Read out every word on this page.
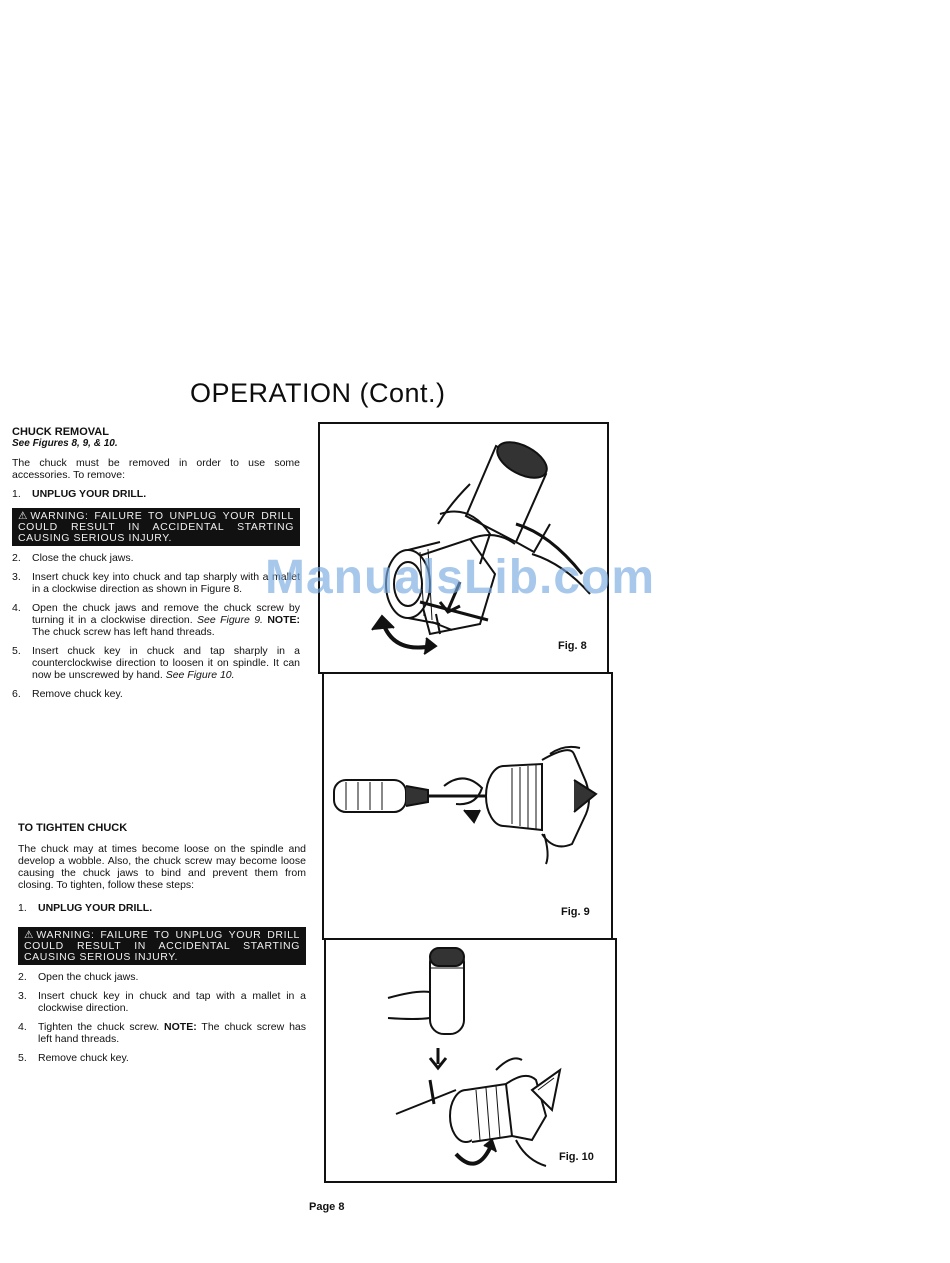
OPERATION (Cont.)
CHUCK REMOVAL
See Figures 8, 9, & 10.
The chuck must be removed in order to use some accessories. To remove:
1.	UNPLUG YOUR DRILL.
⚠WARNING: FAILURE TO UNPLUG YOUR DRILL COULD RESULT IN ACCIDENTAL STARTING CAUSING SERIOUS INJURY.
2.	Close the chuck jaws.
3.	Insert chuck key into chuck and tap sharply with a mallet in a clockwise direction as shown in Figure 8.
4.	Open the chuck jaws and remove the chuck screw by turning it in a clockwise direction. See Figure 9. NOTE: The chuck screw has left hand threads.
5.	Insert chuck key in chuck and tap sharply in a counterclockwise direction to loosen it on spindle. It can now be unscrewed by hand. See Figure 10.
6.	Remove chuck key.
TO TIGHTEN CHUCK
The chuck may at times become loose on the spindle and develop a wobble. Also, the chuck screw may become loose causing the chuck jaws to bind and prevent them from closing. To tighten, follow these steps:
1.	UNPLUG YOUR DRILL.
⚠WARNING: FAILURE TO UNPLUG YOUR DRILL COULD RESULT IN ACCIDENTAL STARTING CAUSING SERIOUS INJURY.
2.	Open the chuck jaws.
3.	Insert chuck key in chuck and tap with a mallet in a clockwise direction.
4.	Tighten the chuck screw. NOTE: The chuck screw has left hand threads.
5.	Remove chuck key.
Fig. 8
Fig. 9
Fig. 10
ManualsLib.com
Page 8
